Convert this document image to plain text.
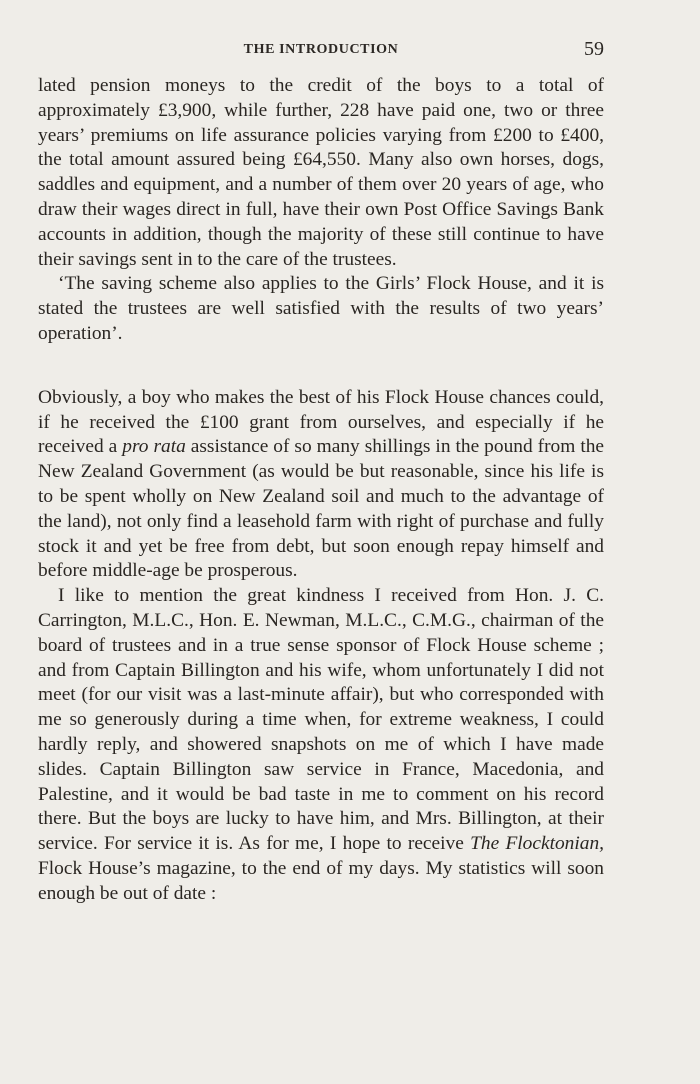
THE INTRODUCTION	59

lated pension moneys to the credit of the boys to a total of approximately £3,900, while further, 228 have paid one, two or three years’ premiums on life assurance policies varying from £200 to £400, the total amount assured being £64,550. Many also own horses, dogs, saddles and equipment, and a number of them over 20 years of age, who draw their wages direct in full, have their own Post Office Savings Bank accounts in addition, though the majority of these still continue to have their savings sent in to the care of the trustees.

‘The saving scheme also applies to the Girls’ Flock House, and it is stated the trustees are well satisfied with the results of two years’ operation’.

Obviously, a boy who makes the best of his Flock House chances could, if he received the £100 grant from ourselves, and especially if he received a pro rata assistance of so many shillings in the pound from the New Zealand Government (as would be but reasonable, since his life is to be spent wholly on New Zealand soil and much to the advantage of the land), not only find a leasehold farm with right of purchase and fully stock it and yet be free from debt, but soon enough repay himself and before middle-age be prosperous.

I like to mention the great kindness I received from Hon. J. C. Carrington, M.L.C., Hon. E. Newman, M.L.C., C.M.G., chairman of the board of trustees and in a true sense sponsor of Flock House scheme ; and from Captain Billington and his wife, whom unfortunately I did not meet (for our visit was a last-minute affair), but who corresponded with me so generously during a time when, for extreme weakness, I could hardly reply, and showered snapshots on me of which I have made slides. Captain Billington saw service in France, Macedonia, and Palestine, and it would be bad taste in me to comment on his record there. But the boys are lucky to have him, and Mrs. Billington, at their service. For service it is. As for me, I hope to receive The Flocktonian, Flock House’s magazine, to the end of my days. My statistics will soon enough be out of date :
